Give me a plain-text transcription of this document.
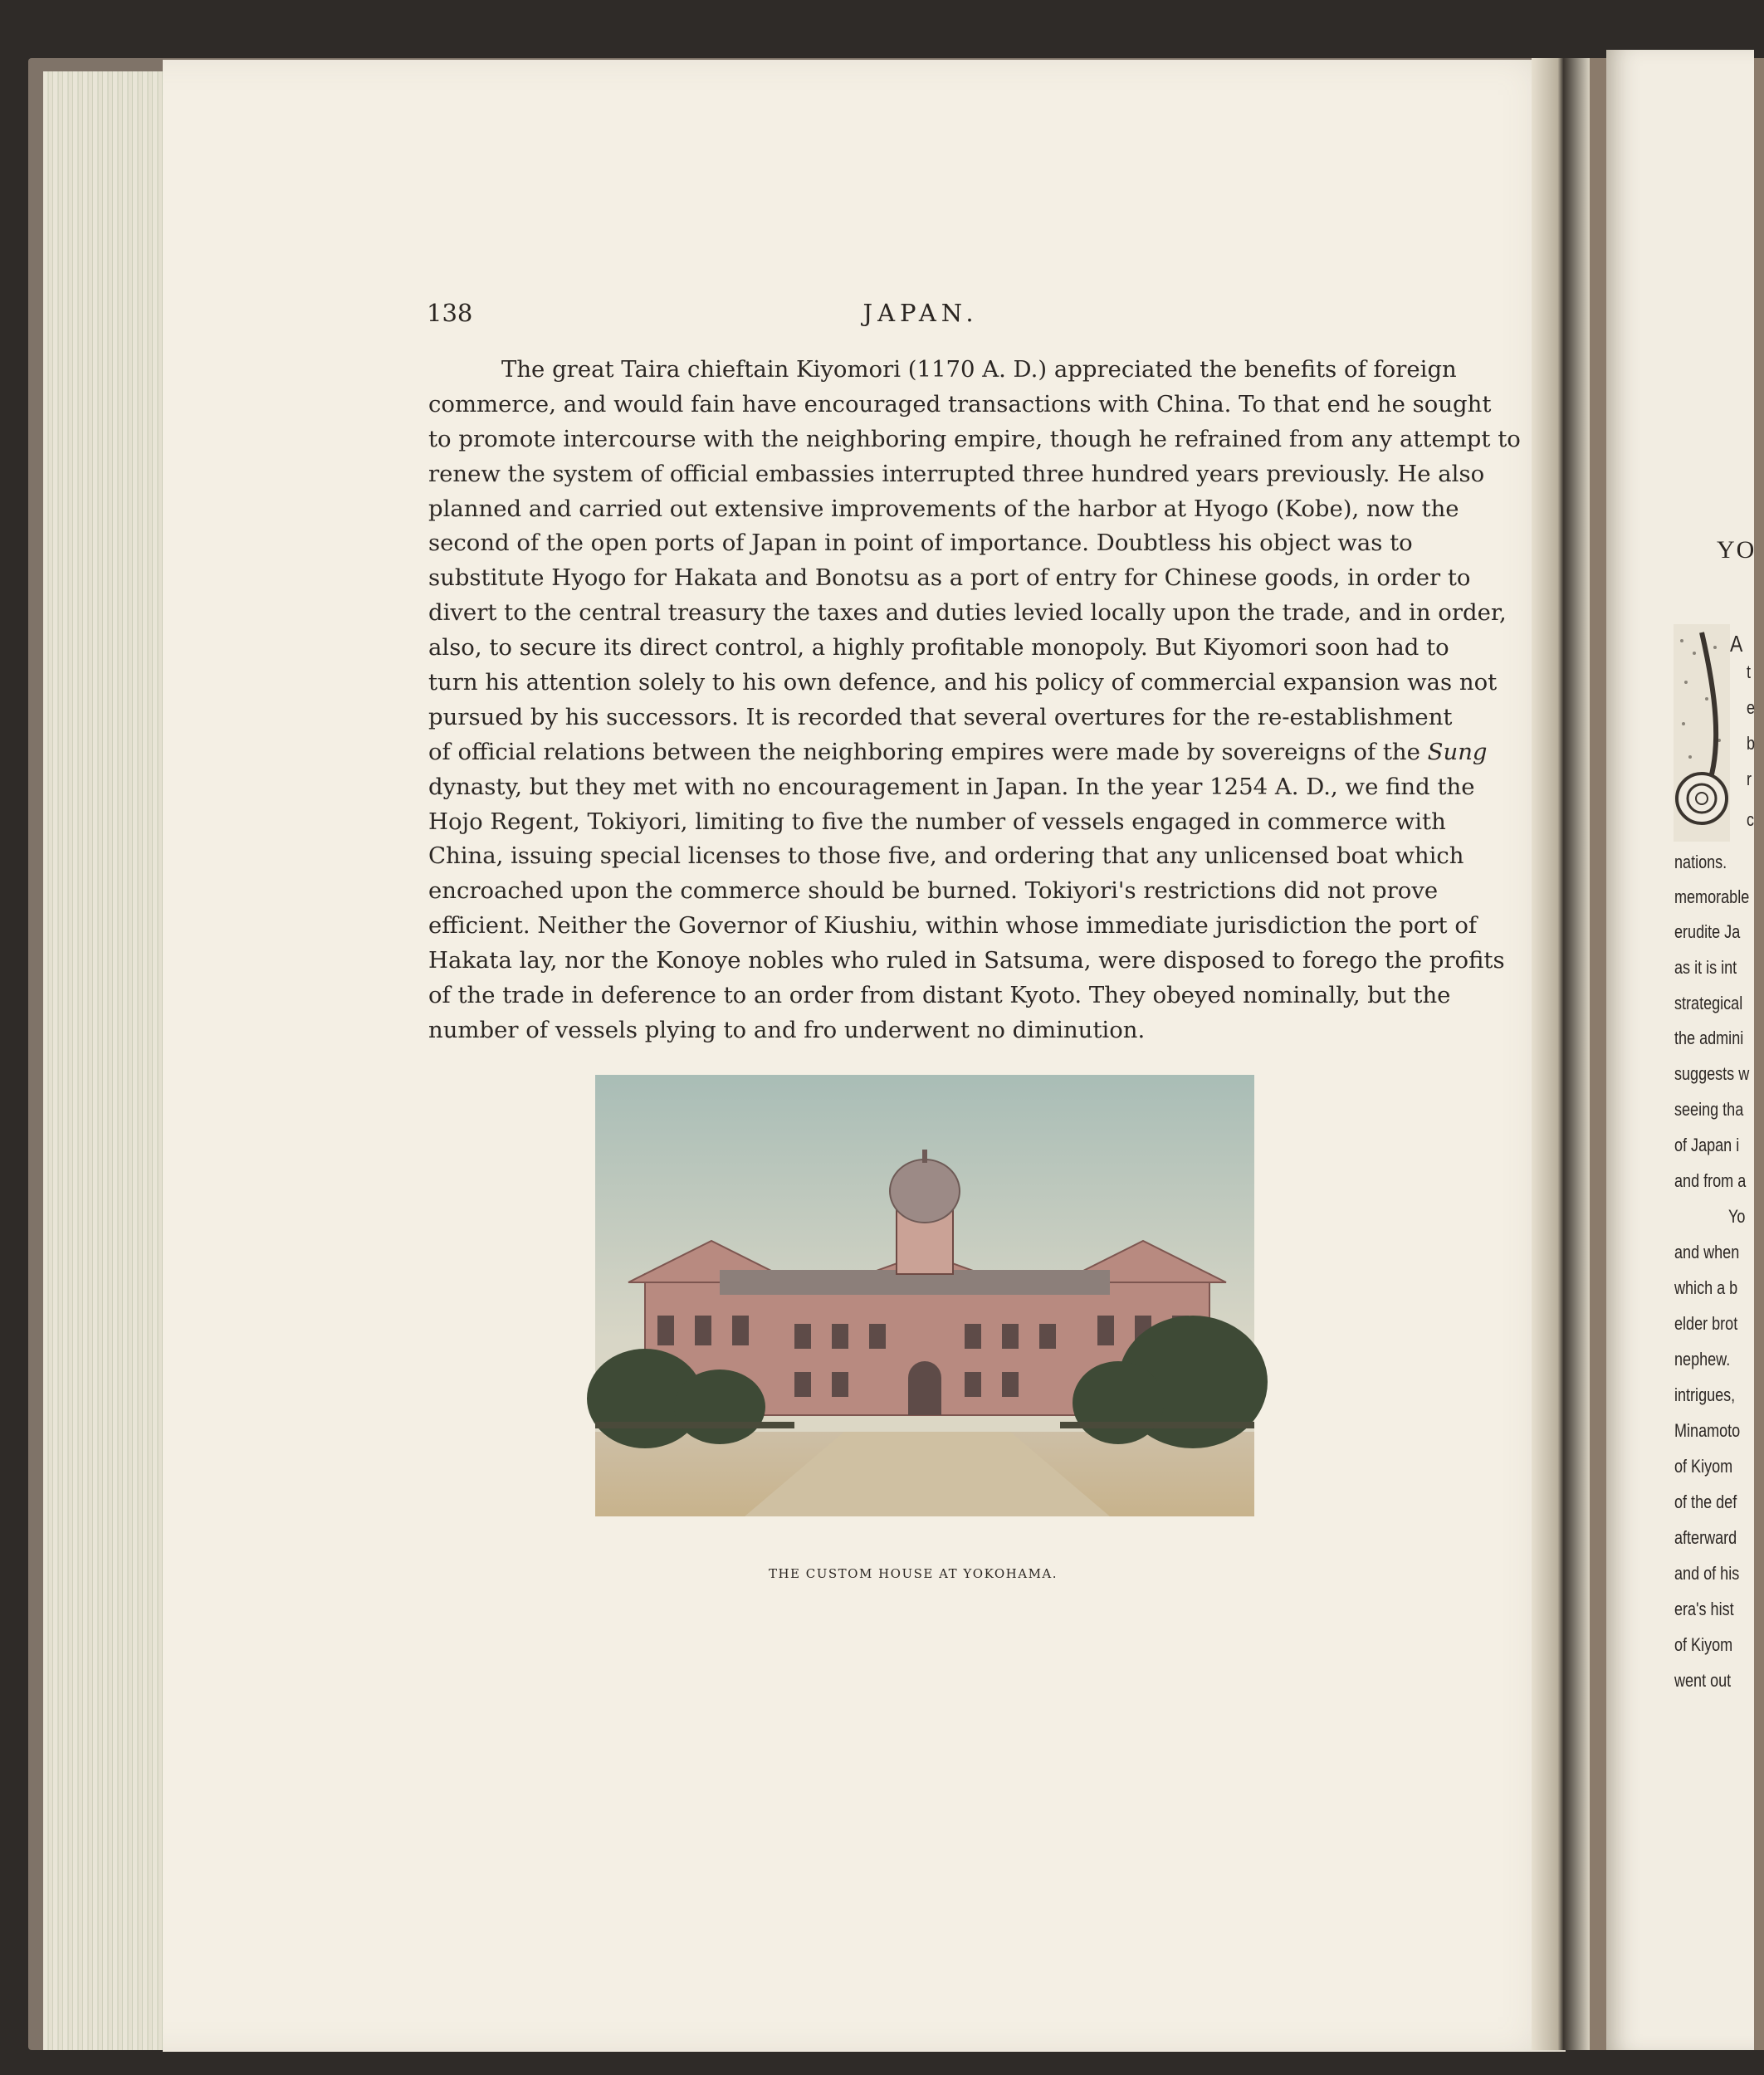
138	JAPAN.
The great Taira chieftain Kiyomori (1170 A. D.) appreciated the benefits of foreign
commerce, and would fain have encouraged transactions with China. To that end he sought
to promote intercourse with the neighboring empire, though he refrained from any attempt to
renew the system of official embassies interrupted three hundred years previously. He also
planned and carried out extensive improvements of the harbor at Hyogo (Kobe), now the
second of the open ports of Japan in point of importance. Doubtless his object was to
substitute Hyogo for Hakata and Bonotsu as a port of entry for Chinese goods, in order to
divert to the central treasury the taxes and duties levied locally upon the trade, and in order,
also, to secure its direct control, a highly profitable monopoly. But Kiyomori soon had to
turn his attention solely to his own defence, and his policy of commercial expansion was not
pursued by his successors. It is recorded that several overtures for the re-establishment
of official relations between the neighboring empires were made by sovereigns of the Sung
dynasty, but they met with no encouragement in Japan. In the year 1254 A. D., we find the
Hojo Regent, Tokiyori, limiting to five the number of vessels engaged in commerce with
China, issuing special licenses to those five, and ordering that any unlicensed boat which
encroached upon the commerce should be burned. Tokiyori's restrictions did not prove
efficient. Neither the Governor of Kiushiu, within whose immediate jurisdiction the port of
Hakata lay, nor the Konoye nobles who ruled in Satsuma, were disposed to forego the profits
of the trade in deference to an order from distant Kyoto. They obeyed nominally, but the
number of vessels plying to and fro underwent no diminution.
THE CUSTOM HOUSE AT YOKOHAMA.
YO
A
t
e
b
r
c
nations.
memorable
erudite Ja
as it is int
strategical
the admini
suggests w
seeing tha
of Japan i
and from a
Yo
and when
which a b
elder brot
nephew.
intrigues,
Minamoto
of Kiyom
of the def
afterward
and of his
era's hist
of Kiyom
went out
